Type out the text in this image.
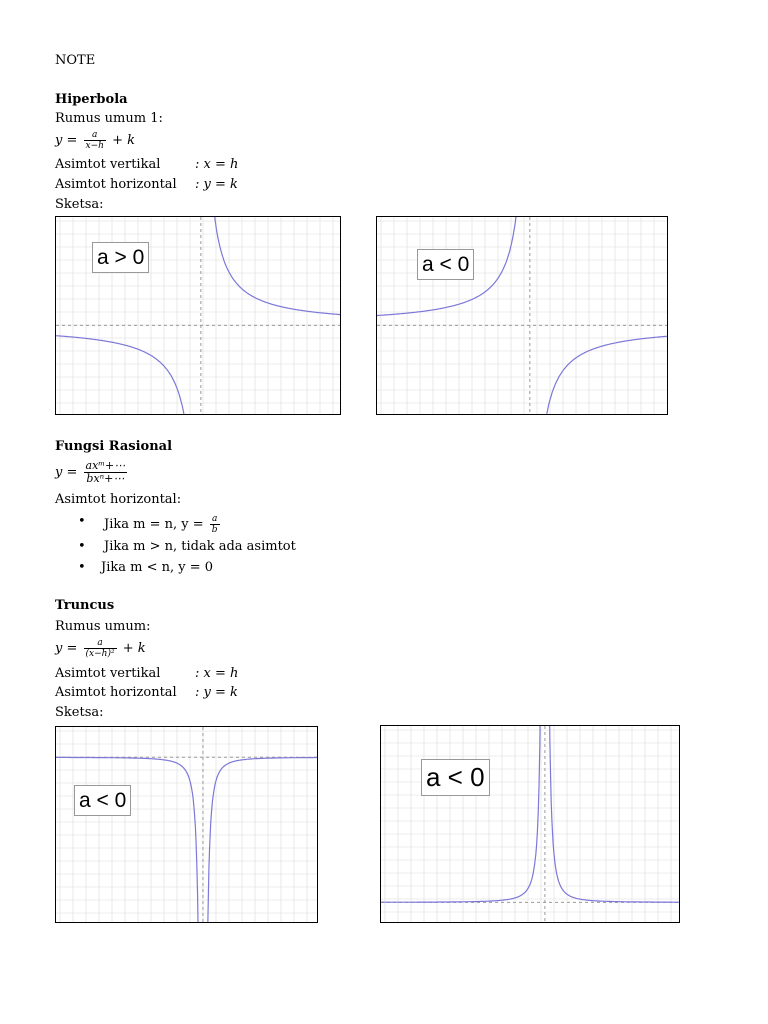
NOTE
Hiperbola
Rumus umum 1:
$y = \frac{a}{x-h} + k$
Asimtot vertikal	: x = h
Asimtot horizontal : y = k
Sketsa:
a > 0	a < 0
Fungsi Rasional
$y = \frac{\text{axᵐ+⋯}}{\text{bxⁿ+⋯}}$
Asimtot horizontal:
• Jika m = n, $y = \frac{a}{b}$
• Jika m > n, tidak ada asimtot
• Jika m < n, y = 0
Truncus
Rumus umum:
$y = \frac{a}{\text{(x−h)²}} + k$
Asimtot vertikal	: x = h
Asimtot horizontal : y = k
Sketsa:
a < 0
a < 0
